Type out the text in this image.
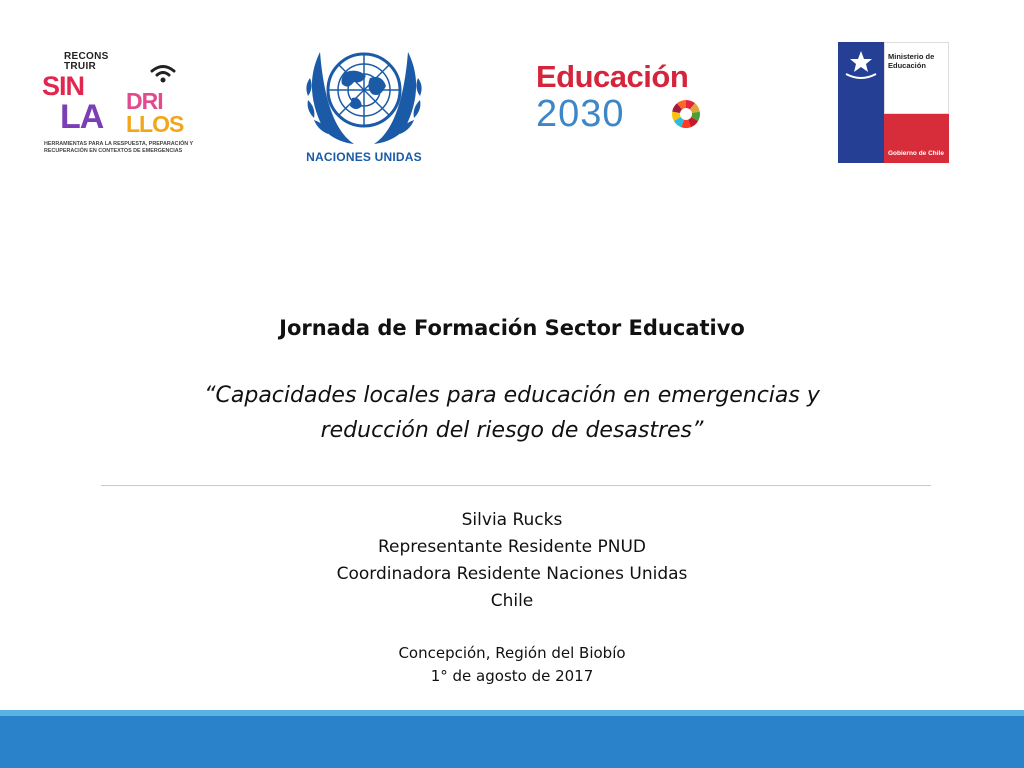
RECONS
TRUIR
SIN
LA DRI
LLOS
HERRAMIENTAS PARA LA RESPUESTA, PREPARACIÓN Y RECUPERACIÓN EN CONTEXTOS DE EMERGENCIAS	NACIONES UNIDAS
Educación
2030
Ministerio de Educación
Gobierno de Chile
Jornada de Formación Sector Educativo
“Capacidades locales para educación en emergencias y
reducción del riesgo de desastres”
Silvia Rucks
Representante Residente PNUD
Coordinadora Residente Naciones Unidas
Chile
Concepción, Región del Biobío
1° de agosto de 2017
